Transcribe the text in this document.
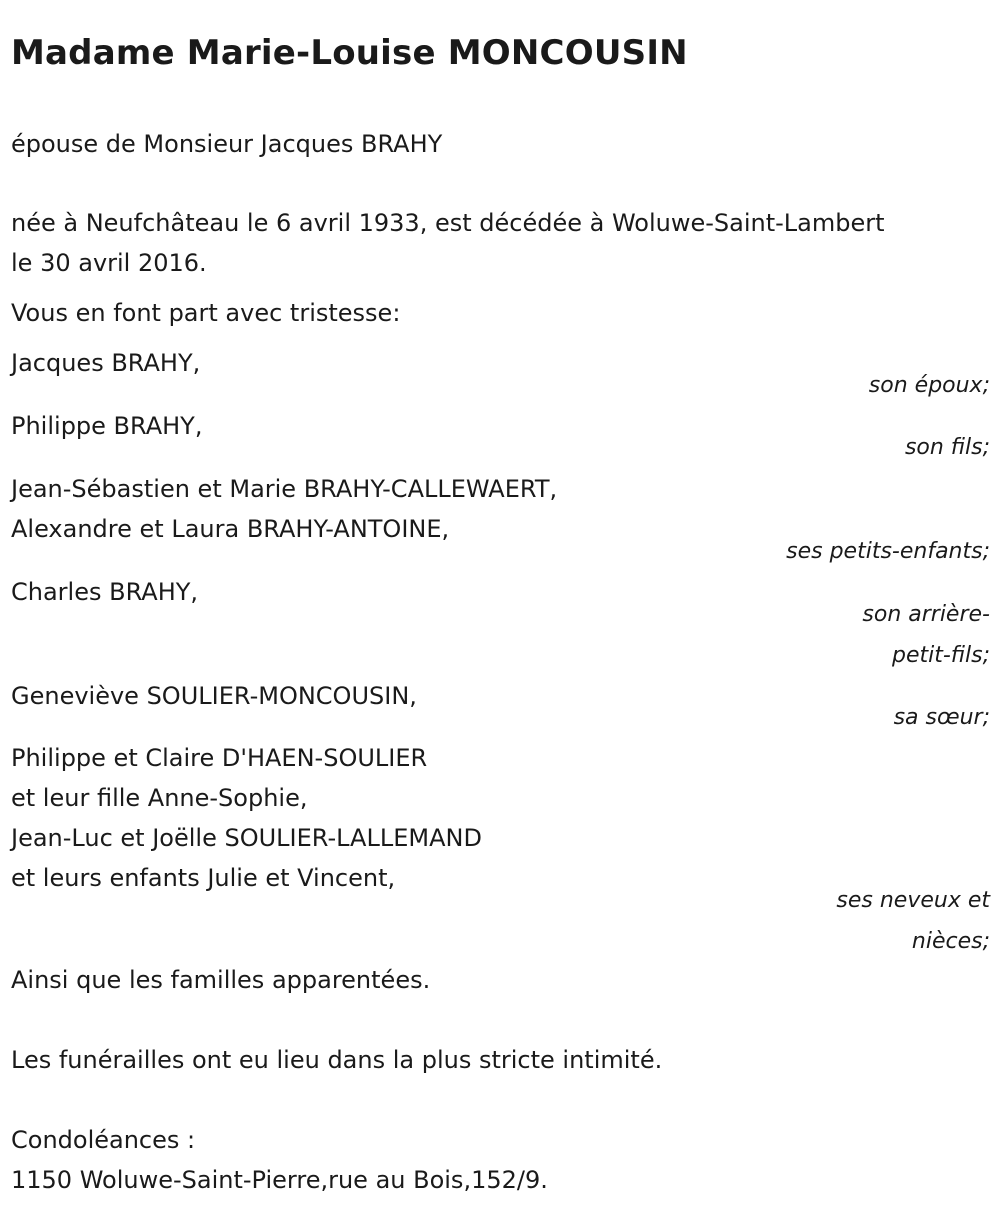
Madame Marie-Louise MONCOUSIN

épouse de Monsieur Jacques BRAHY

née à Neufchâteau le 6 avril 1933, est décédée à Woluwe-Saint-Lambert

le 30 avril 2016.

Vous en font part avec tristesse:

Jacques BRAHY,

son époux;

Philippe BRAHY,

son fils;

Jean-Sébastien et Marie BRAHY-CALLEWAERT,

Alexandre et Laura BRAHY-ANTOINE,

ses petits-enfants;

Charles BRAHY,

son arrière-

petit-fils;

Geneviève SOULIER-MONCOUSIN,

sa sœur;

Philippe et Claire D'HAEN-SOULIER

et leur fille Anne-Sophie,

Jean-Luc et Joëlle SOULIER-LALLEMAND

et leurs enfants Julie et Vincent,

ses neveux et

nièces;

Ainsi que les familles apparentées.

Les funérailles ont eu lieu dans la plus stricte intimité.

Condoléances :

1150 Woluwe-Saint-Pierre,rue au Bois,152/9.
